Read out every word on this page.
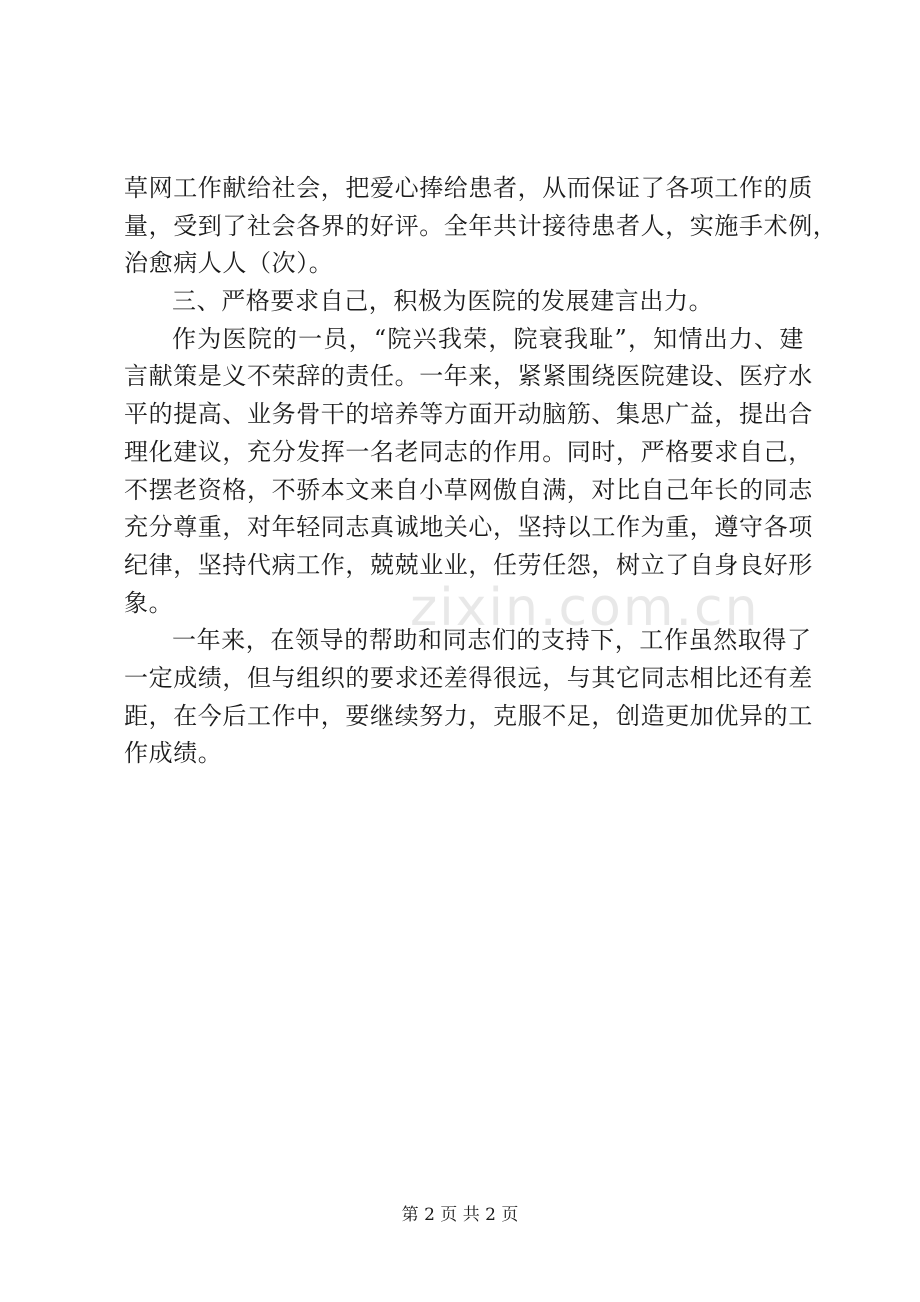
草网工作献给社会，把爱心捧给患者，从而保证了各项工作的质
量，受到了社会各界的好评。全年共计接待患者人，实施手术例，
治愈病人人（次）。
三、严格要求自己，积极为医院的发展建言出力。
作为医院的一员，“院兴我荣，院衰我耻”，知情出力、建
言献策是义不荣辞的责任。一年来，紧紧围绕医院建设、医疗水
平的提高、业务骨干的培养等方面开动脑筋、集思广益，提出合
理化建议，充分发挥一名老同志的作用。同时，严格要求自己，
不摆老资格，不骄本文来自小草网傲自满，对比自己年长的同志
充分尊重，对年轻同志真诚地关心，坚持以工作为重，遵守各项
纪律，坚持代病工作，兢兢业业，任劳任怨，树立了自身良好形
象。
一年来，在领导的帮助和同志们的支持下，工作虽然取得了
一定成绩，但与组织的要求还差得很远，与其它同志相比还有差
距，在今后工作中，要继续努力，克服不足，创造更加优异的工
作成绩。
zixin.com.cn
第 2 页 共 2 页
